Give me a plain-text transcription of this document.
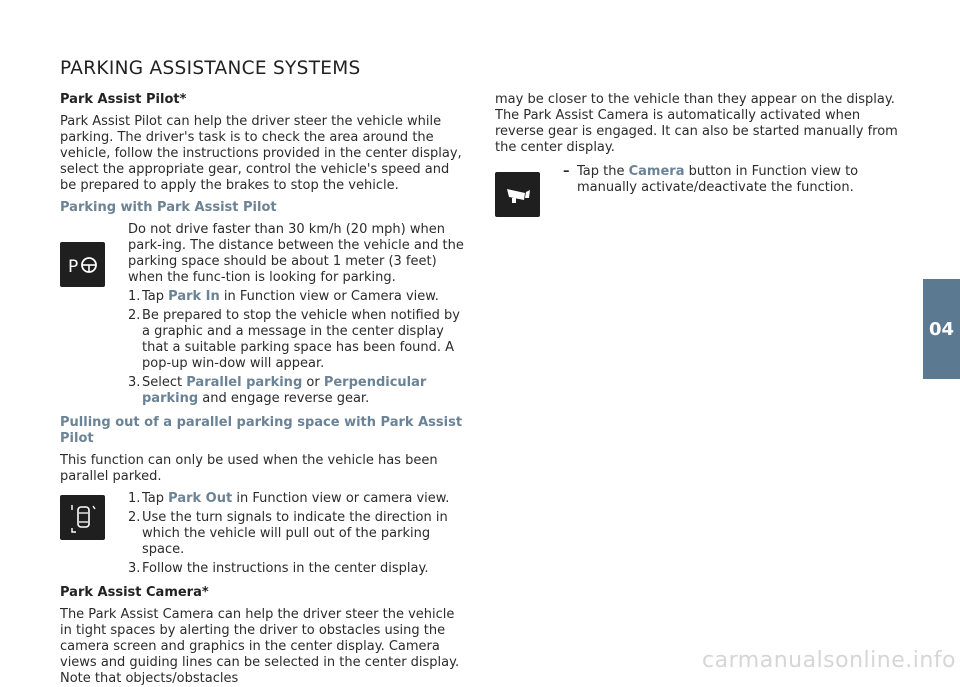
PARKING ASSISTANCE SYSTEMS

Park Assist Pilot*

Park Assist Pilot can help the driver steer the vehicle while parking. The driver's task is to check the area around the vehicle, follow the instructions provided in the center display, select the appropriate gear, control the vehicle's speed and be prepared to apply the brakes to stop the vehicle.

Parking with Park Assist Pilot

P

Do not drive faster than 30 km/h (20 mph) when park-ing. The distance between the vehicle and the parking space should be about 1 meter (3 feet) when the func-tion is looking for parking.

1. Tap Park In in Function view or Camera view.
2. Be prepared to stop the vehicle when notified by a graphic and a message in the center display that a suitable parking space has been found. A pop-up win-dow will appear.
3. Select Parallel parking or Perpendicular parking and engage reverse gear.

Pulling out of a parallel parking space with Park Assist Pilot

This function can only be used when the vehicle has been parallel parked.

1. Tap Park Out in Function view or camera view.
2. Use the turn signals to indicate the direction in which the vehicle will pull out of the parking space.
3. Follow the instructions in the center display.

Park Assist Camera*

The Park Assist Camera can help the driver steer the vehicle in tight spaces by alerting the driver to obstacles using the camera screen and graphics in the center display. Camera views and guiding lines can be selected in the center display. Note that objects/obstacles

may be closer to the vehicle than they appear on the display. The Park Assist Camera is automatically activated when reverse gear is engaged. It can also be started manually from the center display.

– Tap the Camera button in Function view to manually activate/deactivate the function.
04
carmanualsonline.info
